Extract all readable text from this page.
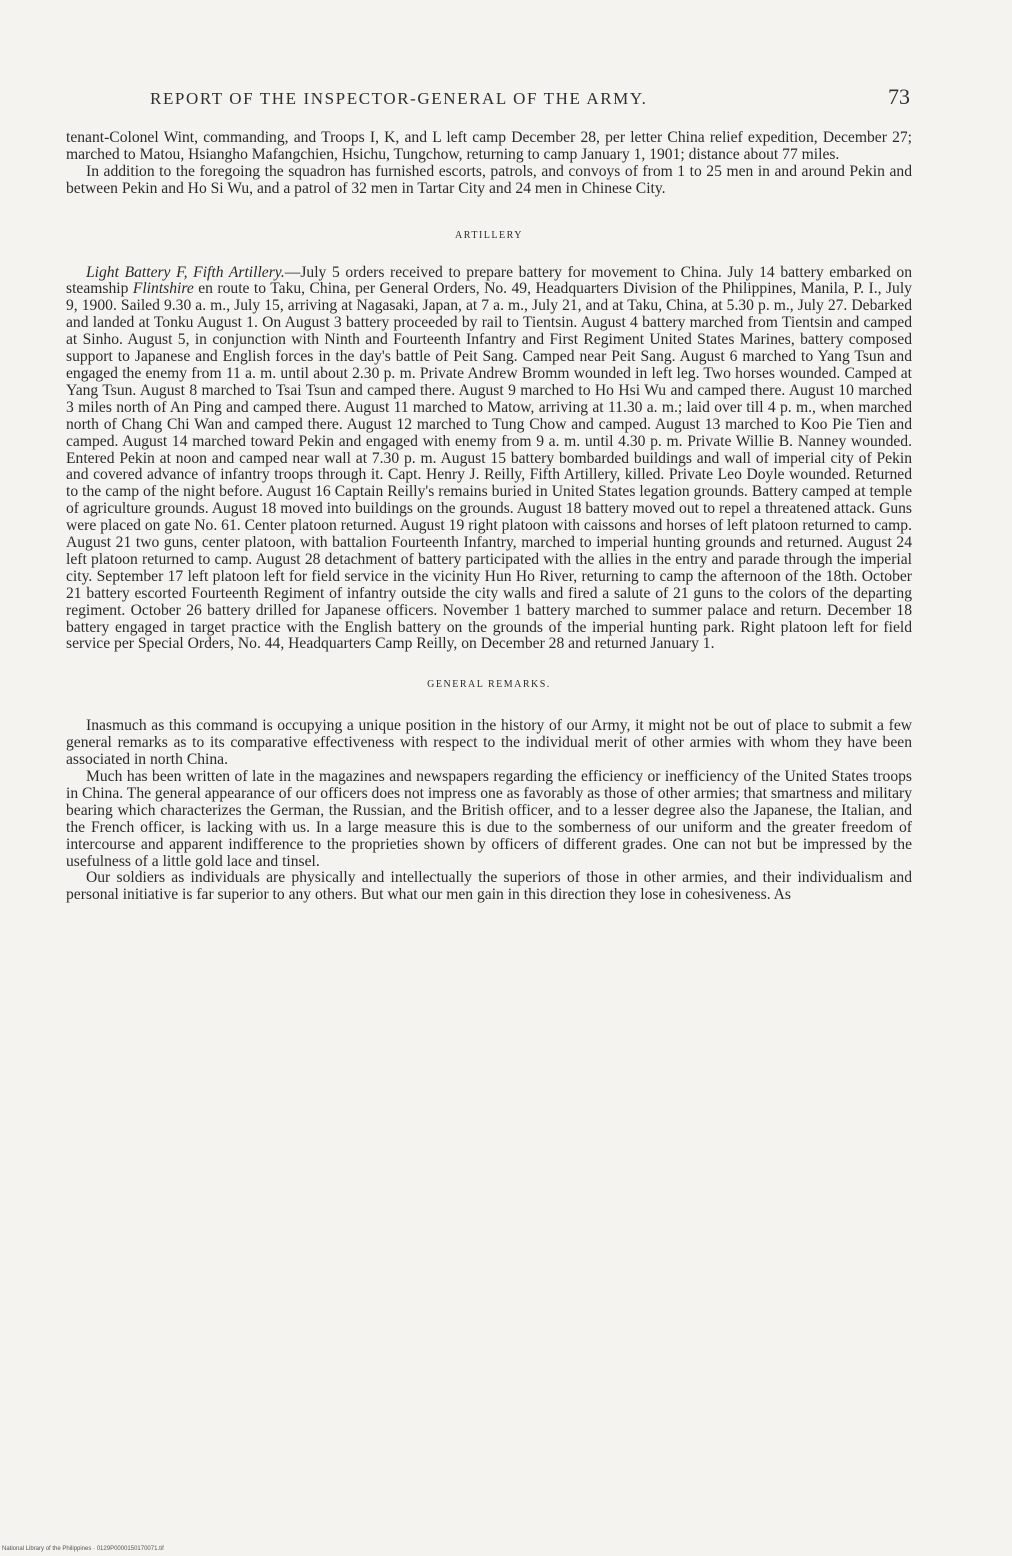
REPORT OF THE INSPECTOR-GENERAL OF THE ARMY.	73

tenant-Colonel Wint, commanding, and Troops I, K, and L left camp December 28, per letter China relief expedition, December 27; marched to Matou, Hsiangho Mafangchien, Hsichu, Tungchow, returning to camp January 1, 1901; distance about 77 miles.

In addition to the foregoing the squadron has furnished escorts, patrols, and convoys of from 1 to 25 men in and around Pekin and between Pekin and Ho Si Wu, and a patrol of 32 men in Tartar City and 24 men in Chinese City.

ARTILLERY

Light Battery F, Fifth Artillery.—July 5 orders received to prepare battery for movement to China. July 14 battery embarked on steamship Flintshire en route to Taku, China, per General Orders, No. 49, Headquarters Division of the Philippines, Manila, P. I., July 9, 1900. Sailed 9.30 a. m., July 15, arriving at Nagasaki, Japan, at 7 a. m., July 21, and at Taku, China, at 5.30 p. m., July 27. Debarked and landed at Tonku August 1. On August 3 battery proceeded by rail to Tientsin. August 4 battery marched from Tientsin and camped at Sinho. August 5, in conjunction with Ninth and Fourteenth Infantry and First Regiment United States Marines, battery composed support to Japanese and English forces in the day's battle of Peit Sang. Camped near Peit Sang. August 6 marched to Yang Tsun and engaged the enemy from 11 a. m. until about 2.30 p. m. Private Andrew Bromm wounded in left leg. Two horses wounded. Camped at Yang Tsun. August 8 marched to Tsai Tsun and camped there. August 9 marched to Ho Hsi Wu and camped there. August 10 marched 3 miles north of An Ping and camped there. August 11 marched to Matow, arriving at 11.30 a. m.; laid over till 4 p. m., when marched north of Chang Chi Wan and camped there. August 12 marched to Tung Chow and camped. August 13 marched to Koo Pie Tien and camped. August 14 marched toward Pekin and engaged with enemy from 9 a. m. until 4.30 p. m. Private Willie B. Nanney wounded. Entered Pekin at noon and camped near wall at 7.30 p. m. August 15 battery bombarded buildings and wall of imperial city of Pekin and covered advance of infantry troops through it. Capt. Henry J. Reilly, Fifth Artillery, killed. Private Leo Doyle wounded. Returned to the camp of the night before. August 16 Captain Reilly's remains buried in United States legation grounds. Battery camped at temple of agriculture grounds. August 18 moved into buildings on the grounds. August 18 battery moved out to repel a threatened attack. Guns were placed on gate No. 61. Center platoon returned. August 19 right platoon with caissons and horses of left platoon returned to camp. August 21 two guns, center platoon, with battalion Fourteenth Infantry, marched to imperial hunting grounds and returned. August 24 left platoon returned to camp. August 28 detachment of battery participated with the allies in the entry and parade through the imperial city. September 17 left platoon left for field service in the vicinity Hun Ho River, returning to camp the afternoon of the 18th. October 21 battery escorted Fourteenth Regiment of infantry outside the city walls and fired a salute of 21 guns to the colors of the departing regiment. October 26 battery drilled for Japanese officers. November 1 battery marched to summer palace and return. December 18 battery engaged in target practice with the English battery on the grounds of the imperial hunting park. Right platoon left for field service per Special Orders, No. 44, Headquarters Camp Reilly, on December 28 and returned January 1.

GENERAL REMARKS.

Inasmuch as this command is occupying a unique position in the history of our Army, it might not be out of place to submit a few general remarks as to its comparative effectiveness with respect to the individual merit of other armies with whom they have been associated in north China.

Much has been written of late in the magazines and newspapers regarding the efficiency or inefficiency of the United States troops in China. The general appearance of our officers does not impress one as favorably as those of other armies; that smartness and military bearing which characterizes the German, the Russian, and the British officer, and to a lesser degree also the Japanese, the Italian, and the French officer, is lacking with us. In a large measure this is due to the somberness of our uniform and the greater freedom of intercourse and apparent indifference to the proprieties shown by officers of different grades. One can not but be impressed by the usefulness of a little gold lace and tinsel.

Our soldiers as individuals are physically and intellectually the superiors of those in other armies, and their individualism and personal initiative is far superior to any others. But what our men gain in this direction they lose in cohesiveness. As

National Library of the Philippines · 0129P0000150170071.tif
